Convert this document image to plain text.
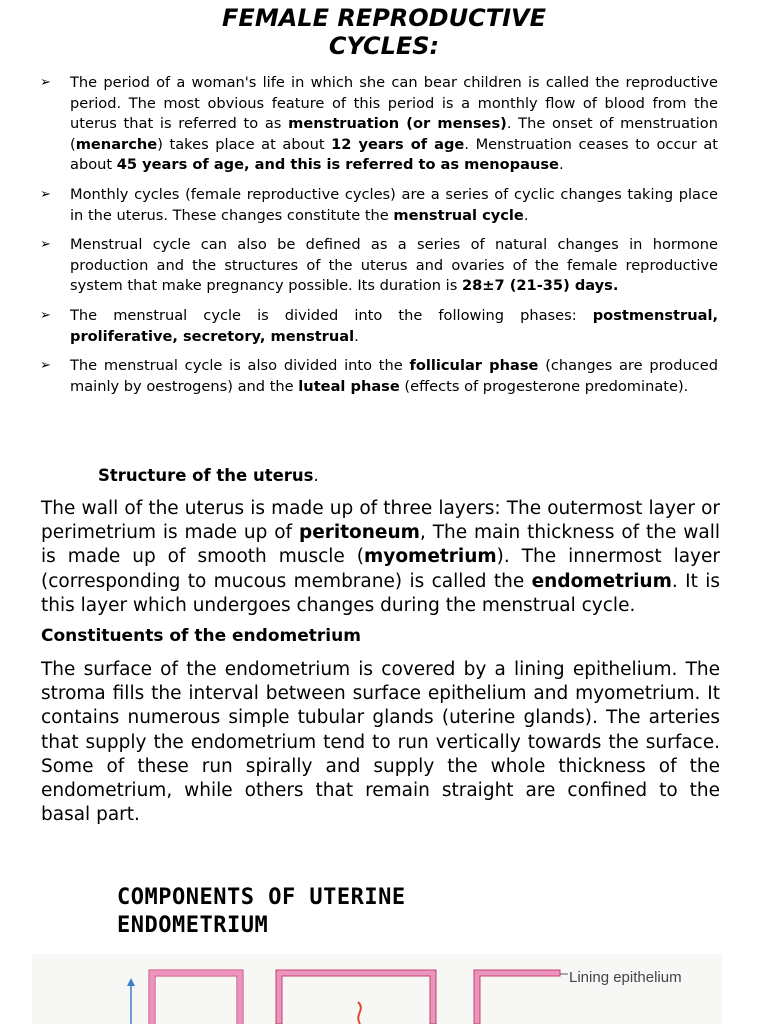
FEMALE REPRODUCTIVE
CYCLES:
➢ The period of a woman's life in which she can bear children is called the reproductive period. The most obvious feature of this period is a monthly flow of blood from the uterus that is referred to as menstruation (or menses). The onset of menstruation (menarche) takes place at about 12 years of age. Menstruation ceases to occur at about 45 years of age, and this is referred to as menopause.
➢ Monthly cycles (female reproductive cycles) are a series of cyclic changes taking place in the uterus. These changes constitute the menstrual cycle.
➢ Menstrual cycle can also be defined as a series of natural changes in hormone production and the structures of the uterus and ovaries of the female reproductive system that make pregnancy possible. Its duration is 28±7 (21-35) days.
➢ The menstrual cycle is divided into the following phases: postmenstrual, proliferative, secretory, menstrual.
➢ The menstrual cycle is also divided into the follicular phase (changes are produced mainly by oestrogens) and the luteal phase (effects of progesterone predominate).

Structure of the uterus.

The wall of the uterus is made up of three layers: The outermost layer or perimetrium is made up of peritoneum, The main thickness of the wall is made up of smooth muscle (myometrium). The innermost layer (corresponding to mucous membrane) is called the endometrium. It is this layer which undergoes changes during the menstrual cycle.

Constituents of the endometrium

The surface of the endometrium is covered by a lining epithelium. The stroma fills the interval between surface epithelium and myometrium. It contains numerous simple tubular glands (uterine glands). The arteries that supply the endometrium tend to run vertically towards the surface. Some of these run spirally and supply the whole thickness of the endometrium, while others that remain straight are confined to the basal part.

COMPONENTS OF UTERINE
ENDOMETRIUM
Lining epithelium
